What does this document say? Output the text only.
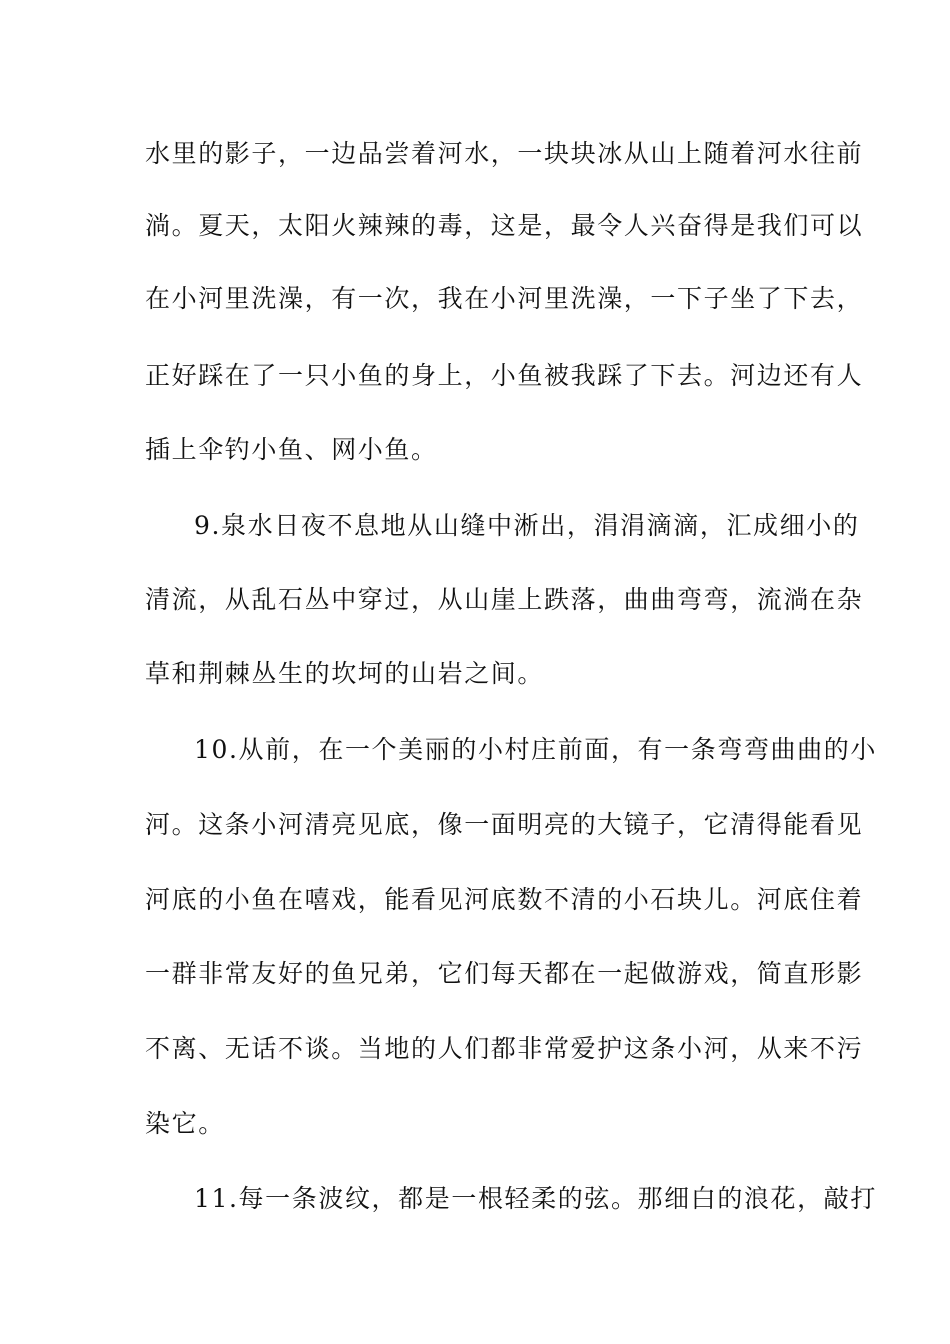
水里的影子，一边品尝着河水，一块块冰从山上随着河水往前
淌。夏天，太阳火辣辣的毒，这是，最令人兴奋得是我们可以
在小河里洗澡，有一次，我在小河里洗澡，一下子坐了下去，
正好踩在了一只小鱼的身上，小鱼被我踩了下去。河边还有人
插上伞钓小鱼、网小鱼。
9.泉水日夜不息地从山缝中淅出，涓涓滴滴，汇成细小的
清流，从乱石丛中穿过，从山崖上跌落，曲曲弯弯，流淌在杂
草和荆棘丛生的坎坷的山岩之间。
10.从前，在一个美丽的小村庄前面，有一条弯弯曲曲的小
河。这条小河清亮见底，像一面明亮的大镜子，它清得能看见
河底的小鱼在嘻戏，能看见河底数不清的小石块儿。河底住着
一群非常友好的鱼兄弟，它们每天都在一起做游戏，简直形影
不离、无话不谈。当地的人们都非常爱护这条小河，从来不污
染它。
11.每一条波纹，都是一根轻柔的弦。那细白的浪花，敲打
